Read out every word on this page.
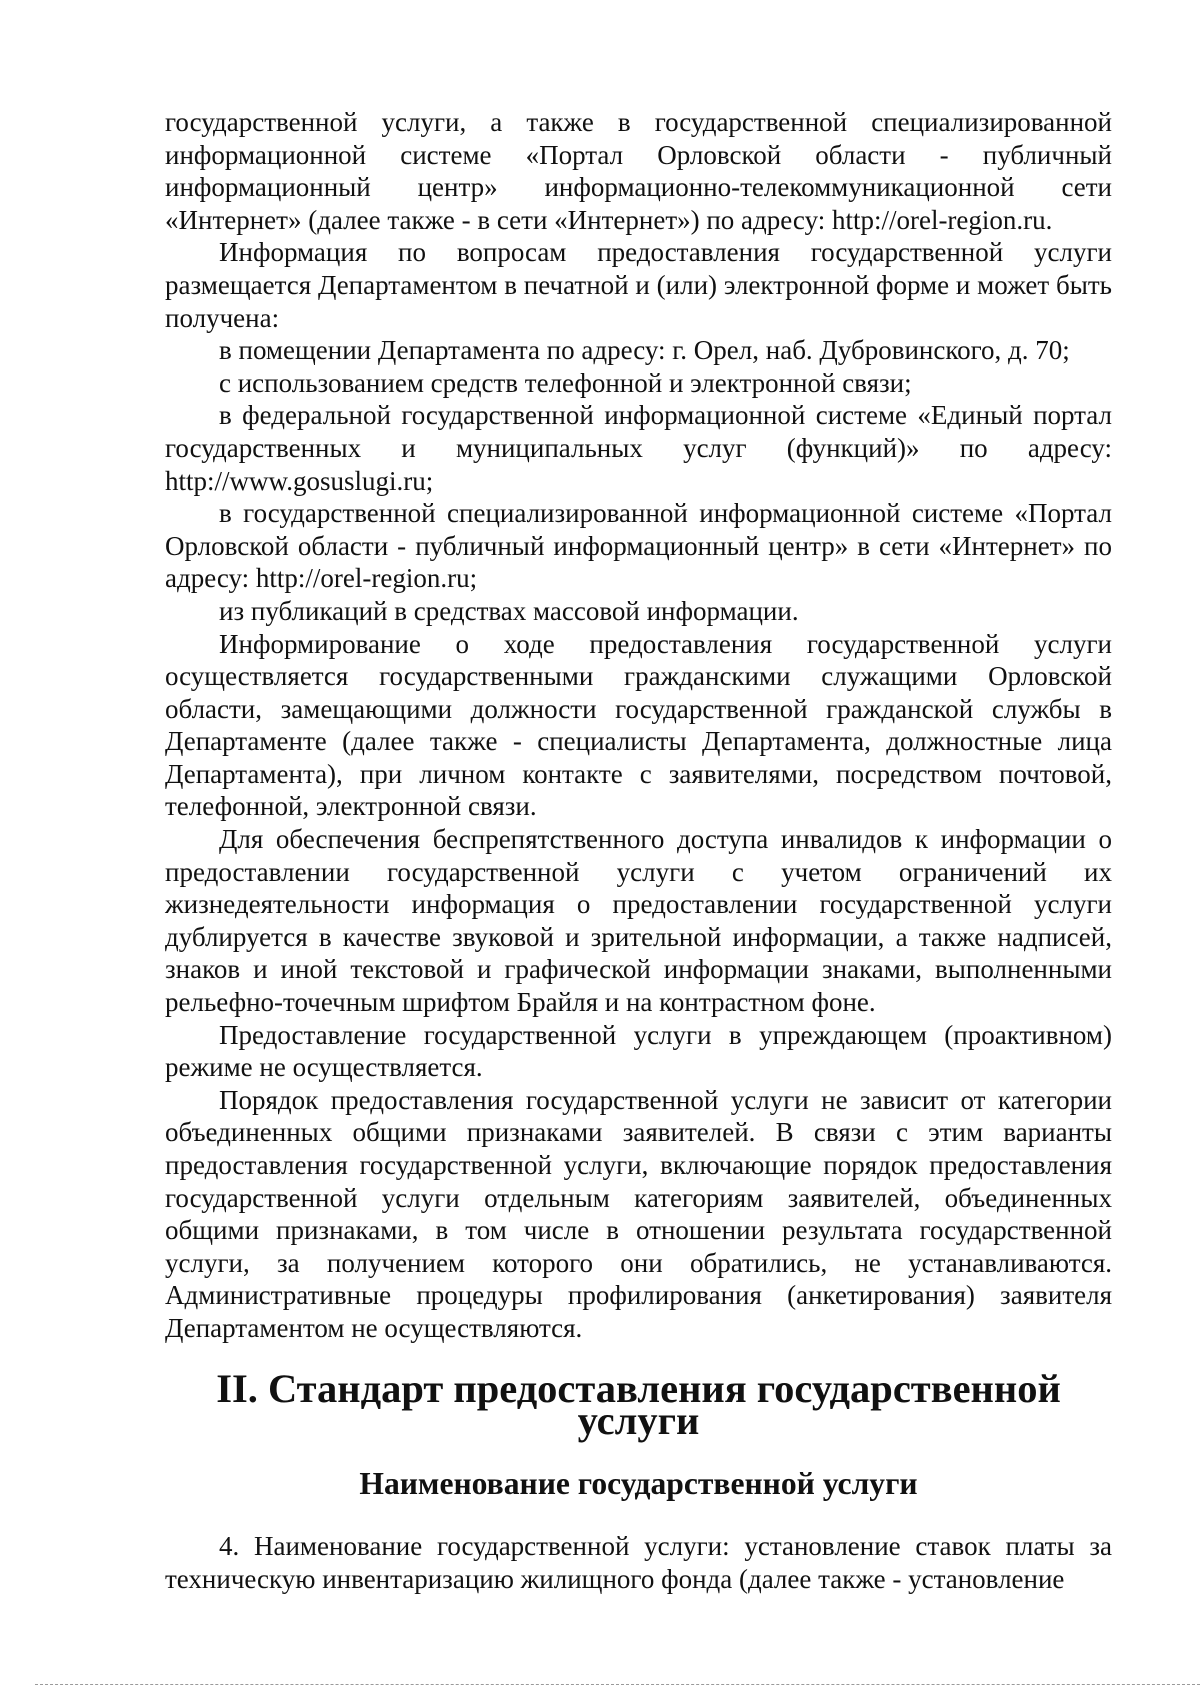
государственной услуги, а также в государственной специализированной информационной системе «Портал Орловской области - публичный информационный центр» информационно-телекоммуникационной сети «Интернет» (далее также - в сети «Интернет») по адресу: http://orel-region.ru.

Информация по вопросам предоставления государственной услуги размещается Департаментом в печатной и (или) электронной форме и может быть получена:

в помещении Департамента по адресу: г. Орел, наб. Дубровинского, д. 70;

с использованием средств телефонной и электронной связи;

в федеральной государственной информационной системе «Единый портал государственных и муниципальных услуг (функций)» по адресу: http://www.gosuslugi.ru;

в государственной специализированной информационной системе «Портал Орловской области - публичный информационный центр» в сети «Интернет» по адресу: http://orel-region.ru;

из публикаций в средствах массовой информации.

Информирование о ходе предоставления государственной услуги осуществляется государственными гражданскими служащими Орловской области, замещающими должности государственной гражданской службы в Департаменте (далее также - специалисты Департамента, должностные лица Департамента), при личном контакте с заявителями, посредством почтовой, телефонной, электронной связи.

Для обеспечения беспрепятственного доступа инвалидов к информации о предоставлении государственной услуги с учетом ограничений их жизнедеятельности информация о предоставлении государственной услуги дублируется в качестве звуковой и зрительной информации, а также надписей, знаков и иной текстовой и графической информации знаками, выполненными рельефно-точечным шрифтом Брайля и на контрастном фоне.

Предоставление государственной услуги в упреждающем (проактивном) режиме не осуществляется.

Порядок предоставления государственной услуги не зависит от категории объединенных общими признаками заявителей. В связи с этим варианты предоставления государственной услуги, включающие порядок предоставления государственной услуги отдельным категориям заявителей, объединенных общими признаками, в том числе в отношении результата государственной услуги, за получением которого они обратились, не устанавливаются. Административные процедуры профилирования (анкетирования) заявителя Департаментом не осуществляются.

II. Стандарт предоставления государственной услуги
Наименование государственной услуги

4. Наименование государственной услуги: установление ставок платы за техническую инвентаризацию жилищного фонда (далее также - установление
